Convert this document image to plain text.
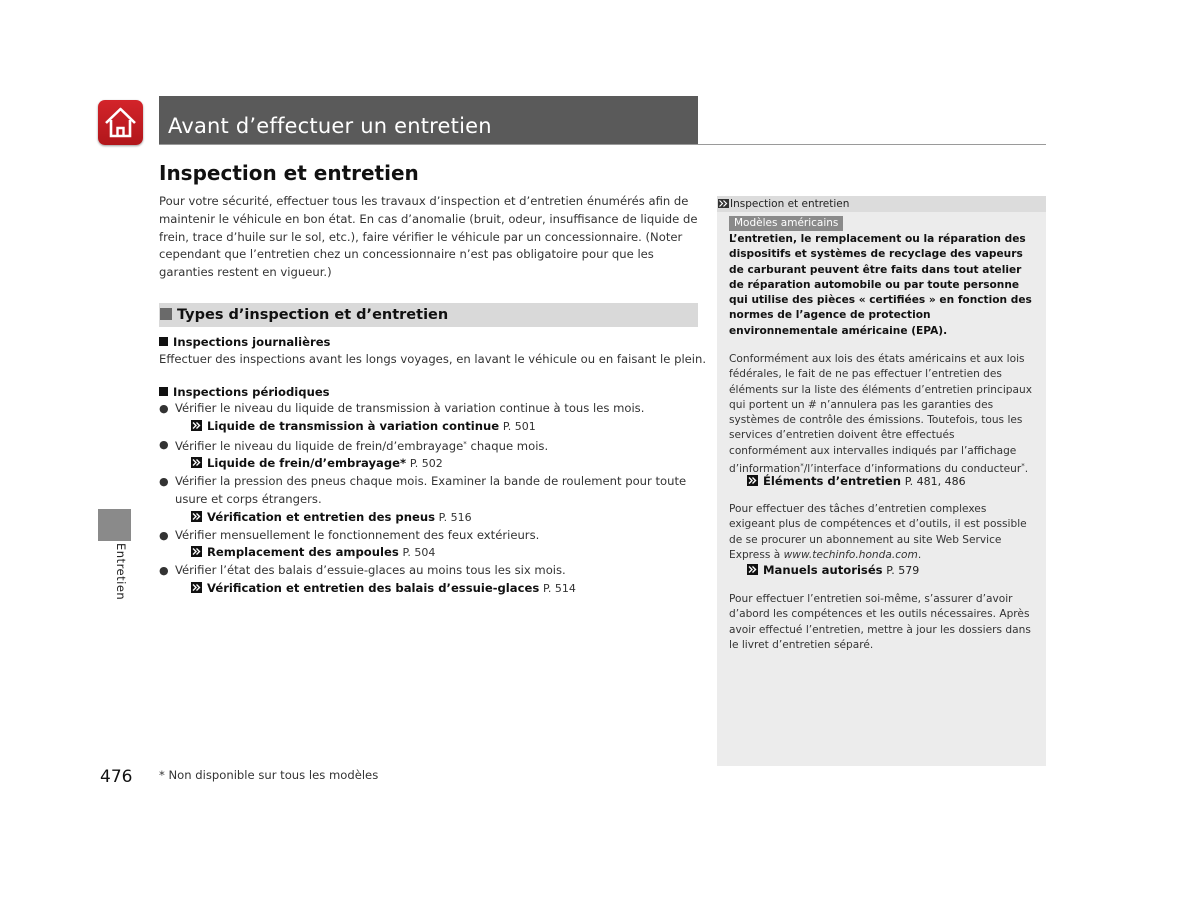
Avant d’effectuer un entretien
Inspection et entretien
Pour votre sécurité, effectuer tous les travaux d’inspection et d’entretien énumérés afin de maintenir le véhicule en bon état. En cas d’anomalie (bruit, odeur, insuffisance de liquide de frein, trace d’huile sur le sol, etc.), faire vérifier le véhicule par un concessionnaire. (Noter cependant que l’entretien chez un concessionnaire n’est pas obligatoire pour que les garanties restent en vigueur.)
Types d’inspection et d’entretien
Inspections journalières
Effectuer des inspections avant les longs voyages, en lavant le véhicule ou en faisant le plein.
Inspections périodiques
● Vérifier le niveau du liquide de transmission à variation continue à tous les mois.
Liquide de transmission à variation continue P. 501
● Vérifier le niveau du liquide de frein/d’embrayage* chaque mois.
Liquide de frein/d’embrayage* P. 502
● Vérifier la pression des pneus chaque mois. Examiner la bande de roulement pour toute usure et corps étrangers.
Vérification et entretien des pneus P. 516
● Vérifier mensuellement le fonctionnement des feux extérieurs.
Remplacement des ampoules P. 504
● Vérifier l’état des balais d’essuie-glaces au moins tous les six mois.
Vérification et entretien des balais d’essuie-glaces P. 514
Entretien
476 * Non disponible sur tous les modèles
Inspection et entretien
Modèles américains
L’entretien, le remplacement ou la réparation des dispositifs et systèmes de recyclage des vapeurs de carburant peuvent être faits dans tout atelier de réparation automobile ou par toute personne qui utilise des pièces « certifiées » en fonction des normes de l’agence de protection environnementale américaine (EPA).
Conformément aux lois des états américains et aux lois fédérales, le fait de ne pas effectuer l’entretien des éléments sur la liste des éléments d’entretien principaux qui portent un # n’annulera pas les garanties des systèmes de contrôle des émissions. Toutefois, tous les services d’entretien doivent être effectués conformément aux intervalles indiqués par l’affichage d’information*/l’interface d’informations du conducteur*.
Éléments d’entretien P. 481, 486
Pour effectuer des tâches d’entretien complexes exigeant plus de compétences et d’outils, il est possible de se procurer un abonnement au site Web Service Express à www.techinfo.honda.com.
Manuels autorisés P. 579
Pour effectuer l’entretien soi-même, s’assurer d’avoir d’abord les compétences et les outils nécessaires. Après avoir effectué l’entretien, mettre à jour les dossiers dans le livret d’entretien séparé.
